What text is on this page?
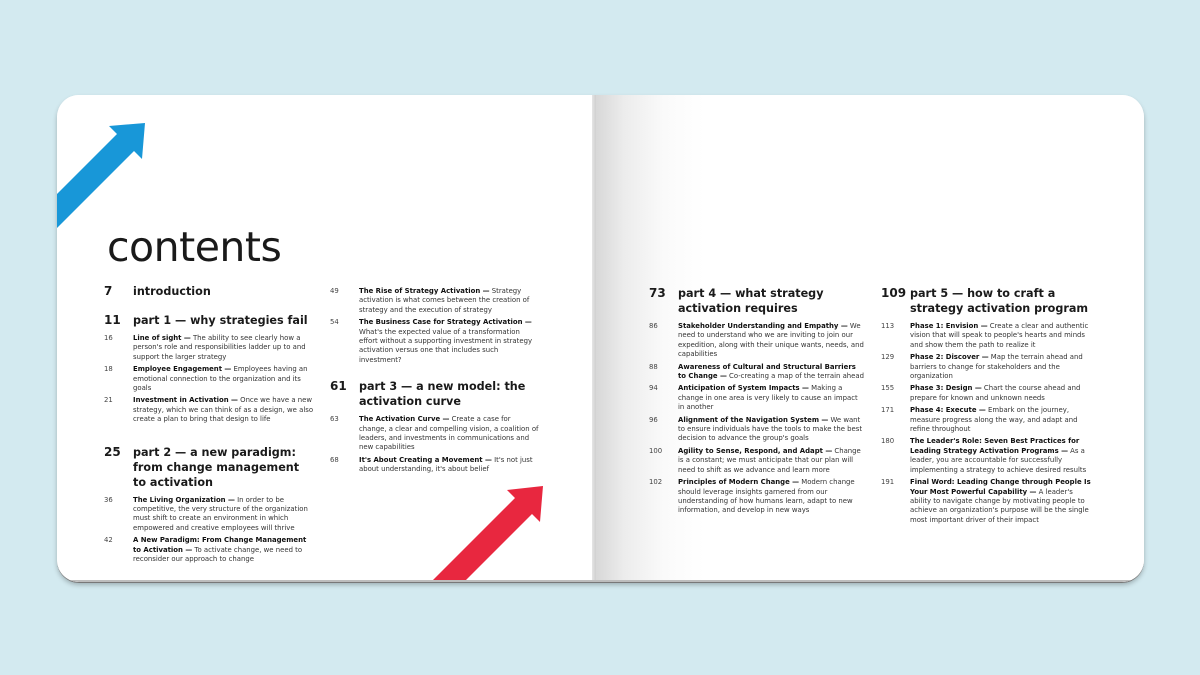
contents
7	introduction
11	part 1 — why strategies fail
16	Line of sight — The ability to see clearly how a person's role and responsibilities ladder up to and support the larger strategy
18	Employee Engagement — Employees having an emotional connection to the organization and its goals
21	Investment in Activation — Once we have a new strategy, which we can think of as a design, we also create a plan to bring that design to life
25	part 2 — a new paradigm: from change management to activation
36	The Living Organization — In order to be competitive, the very structure of the organization must shift to create an environment in which empowered and creative employees will thrive
42	A New Paradigm: From Change Management to Activation — To activate change, we need to reconsider our approach to change
49	The Rise of Strategy Activation — Strategy activation is what comes between the creation of strategy and the execution of strategy
54	The Business Case for Strategy Activation — What's the expected value of a transformation effort without a supporting investment in strategy activation versus one that includes such investment?
61	part 3 — a new model: the activation curve
63	The Activation Curve — Create a case for change, a clear and compelling vision, a coalition of leaders, and investments in communications and new capabilities
68	It's About Creating a Movement — It's not just about understanding, it's about belief
73	part 4 — what strategy activation requires
86	Stakeholder Understanding and Empathy — We need to understand who we are inviting to join our expedition, along with their unique wants, needs, and capabilities
88	Awareness of Cultural and Structural Barriers to Change — Co-creating a map of the terrain ahead
94	Anticipation of System Impacts — Making a change in one area is very likely to cause an impact in another
96	Alignment of the Navigation System — We want to ensure individuals have the tools to make the best decision to advance the group's goals
100	Agility to Sense, Respond, and Adapt — Change is a constant; we must anticipate that our plan will need to shift as we advance and learn more
102	Principles of Modern Change — Modern change should leverage insights garnered from our understanding of how humans learn, adapt to new information, and develop in new ways
109 part 5 — how to craft a strategy activation program
113	Phase 1: Envision — Create a clear and authentic vision that will speak to people's hearts and minds and show them the path to realize it
129	Phase 2: Discover — Map the terrain ahead and barriers to change for stakeholders and the organization
155	Phase 3: Design — Chart the course ahead and prepare for known and unknown needs
171	Phase 4: Execute — Embark on the journey, measure progress along the way, and adapt and refine throughout
180	The Leader's Role: Seven Best Practices for Leading Strategy Activation Programs — As a leader, you are accountable for successfully implementing a strategy to achieve desired results
191	Final Word: Leading Change through People Is Your Most Powerful Capability — A leader's ability to navigate change by motivating people to achieve an organization's purpose will be the single most important driver of their impact
